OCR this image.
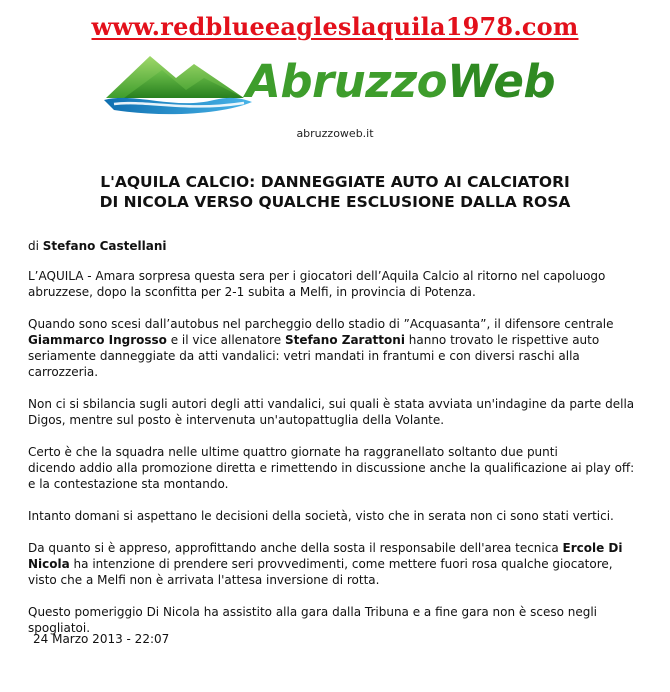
www.redblueeagleslaquila1978.com
AbruzzoWeb
abruzzoweb.it
L'AQUILA CALCIO: DANNEGGIATE AUTO AI CALCIATORI
DI NICOLA VERSO QUALCHE ESCLUSIONE DALLA ROSA
di Stefano Castellani

L’AQUILA - Amara sorpresa questa sera per i giocatori dell’Aquila Calcio al ritorno nel capoluogo abruzzese, dopo la sconfitta per 2-1 subita a Melfi, in provincia di Potenza.

Quando sono scesi dall’autobus nel parcheggio dello stadio di ”Acquasanta”, il difensore centrale Giammarco Ingrosso e il vice allenatore Stefano Zarattoni hanno trovato le rispettive auto seriamente danneggiate da atti vandalici: vetri mandati in frantumi e con diversi raschi alla carrozzeria.

Non ci si sbilancia sugli autori degli atti vandalici, sui quali è stata avviata un'indagine da parte della Digos, mentre sul posto è intervenuta un'autopattuglia della Volante.

Certo è che la squadra nelle ultime quattro giornate ha raggranellato soltanto due punti
dicendo addio alla promozione diretta e rimettendo in discussione anche la qualificazione ai play off: e la contestazione sta montando.

Intanto domani si aspettano le decisioni della società, visto che in serata non ci sono stati vertici.

Da quanto si è appreso, approfittando anche della sosta il responsabile dell'area tecnica Ercole Di Nicola ha intenzione di prendere seri provvedimenti, come mettere fuori rosa qualche giocatore, visto che a Melfi non è arrivata l'attesa inversione di rotta.

Questo pomeriggio Di Nicola ha assistito alla gara dalla Tribuna e a fine gara non è sceso negli spogliatoi.

24 Marzo 2013 - 22:07
